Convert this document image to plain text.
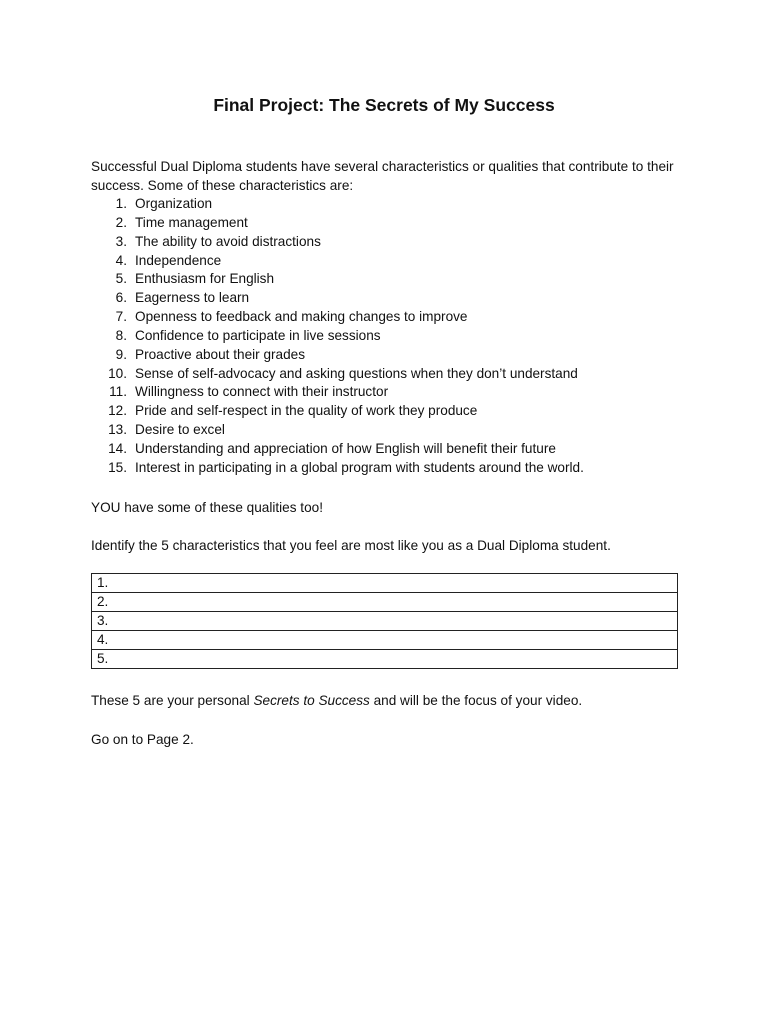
Final Project: The Secrets of My Success

Successful Dual Diploma students have several characteristics or qualities that contribute to their success. Some of these characteristics are:

1. Organization
2. Time management
3. The ability to avoid distractions
4. Independence
5. Enthusiasm for English
6. Eagerness to learn
7. Openness to feedback and making changes to improve
8. Confidence to participate in live sessions
9. Proactive about their grades
10. Sense of self-advocacy and asking questions when they don’t understand
11. Willingness to connect with their instructor
12. Pride and self-respect in the quality of work they produce
13. Desire to excel
14. Understanding and appreciation of how English will benefit their future
15. Interest in participating in a global program with students around the world.

YOU have some of these qualities too!

Identify the 5 characteristics that you feel are most like you as a Dual Diploma student.

1.
2.
3.
4.
5.

These 5 are your personal Secrets to Success and will be the focus of your video.

Go on to Page 2.
